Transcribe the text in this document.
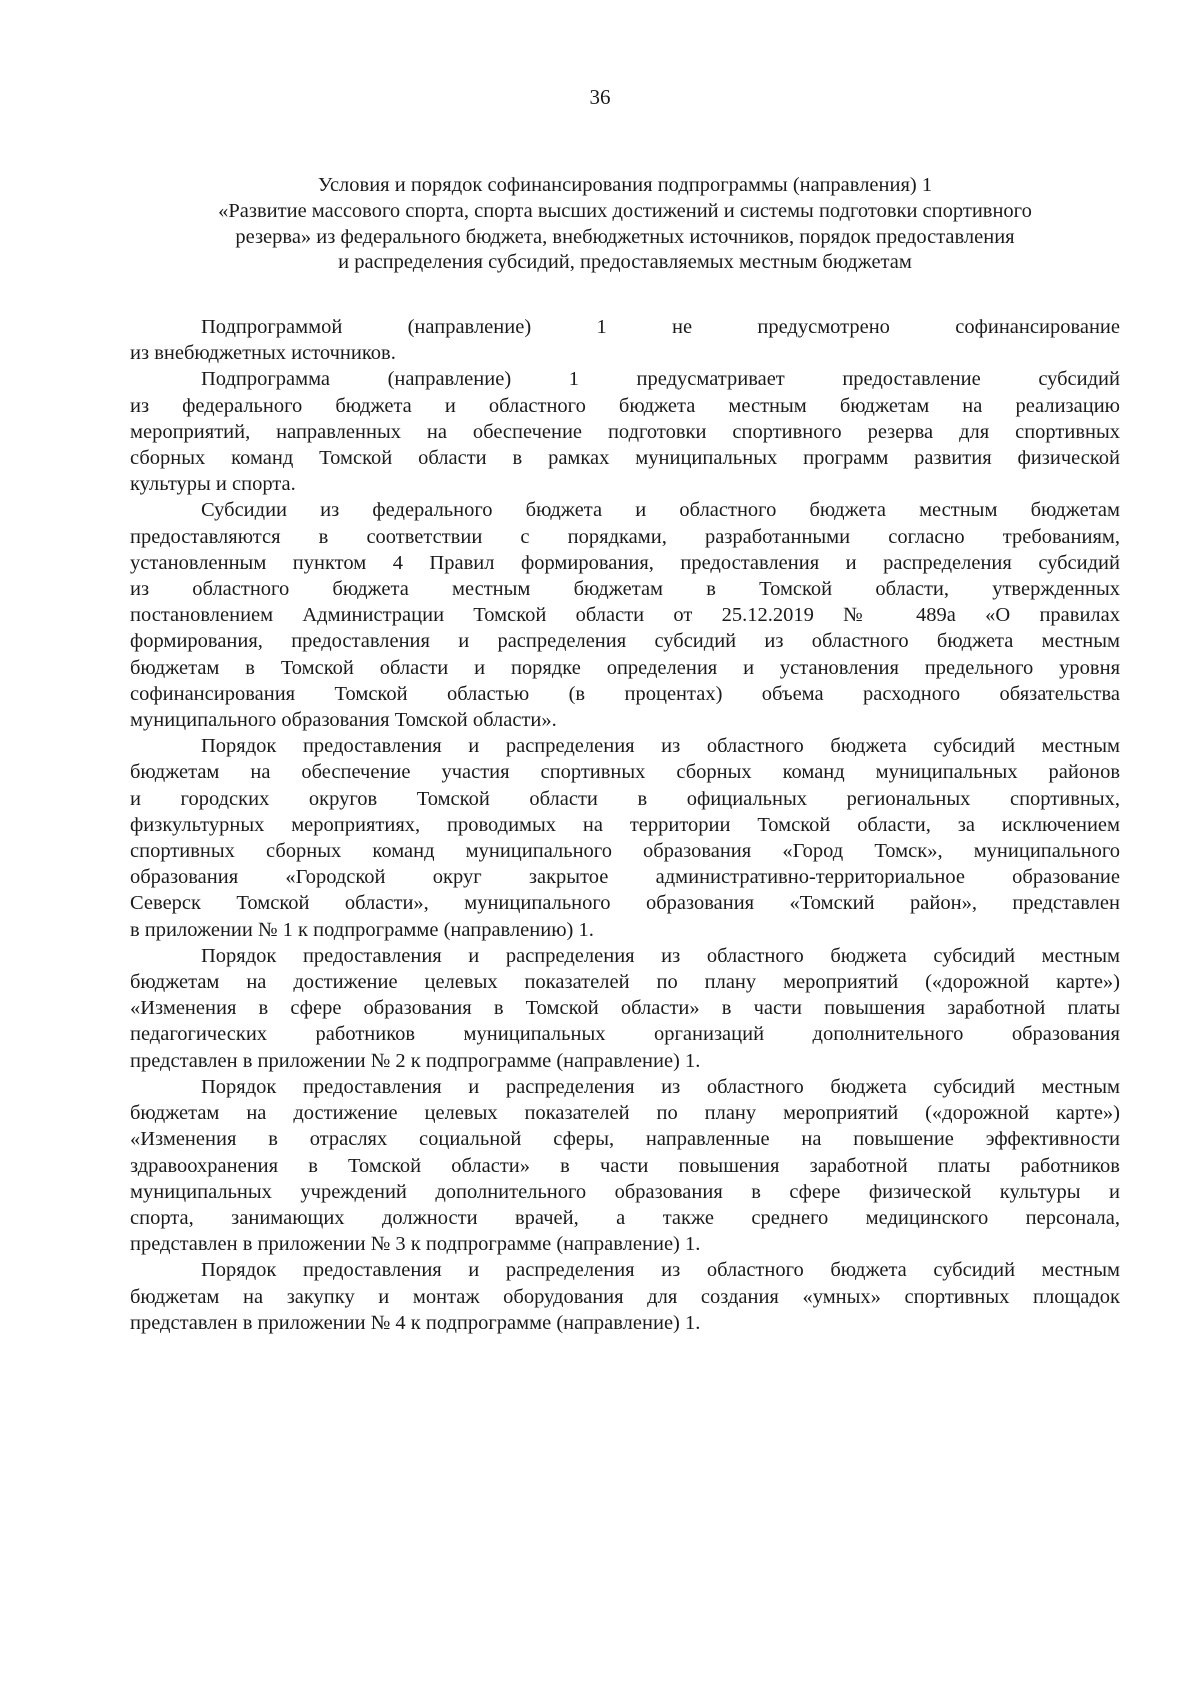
36
Условия и порядок софинансирования подпрограммы (направления) 1
«Развитие массового спорта, спорта высших достижений и системы подготовки спортивного
резерва» из федерального бюджета, внебюджетных источников, порядок предоставления
и распределения субсидий, предоставляемых местным бюджетам
Подпрограммой (направление) 1 не предусмотрено софинансирование
из внебюджетных источников.
Подпрограмма (направление) 1 предусматривает предоставление субсидий
из федерального бюджета и областного бюджета местным бюджетам на реализацию
мероприятий, направленных на обеспечение подготовки спортивного резерва для спортивных
сборных команд Томской области в рамках муниципальных программ развития физической
культуры и спорта.
Субсидии из федерального бюджета и областного бюджета местным бюджетам
предоставляются в соответствии с порядками, разработанными согласно требованиям,
установленным пунктом 4 Правил формирования, предоставления и распределения субсидий
из областного бюджета местным бюджетам в Томской области, утвержденных
постановлением Администрации Томской области от 25.12.2019 № 489а «О правилах
формирования, предоставления и распределения субсидий из областного бюджета местным
бюджетам в Томской области и порядке определения и установления предельного уровня
софинансирования Томской областью (в процентах) объема расходного обязательства
муниципального образования Томской области».
Порядок предоставления и распределения из областного бюджета субсидий местным
бюджетам на обеспечение участия спортивных сборных команд муниципальных районов
и городских округов Томской области в официальных региональных спортивных,
физкультурных мероприятиях, проводимых на территории Томской области, за исключением
спортивных сборных команд муниципального образования «Город Томск», муниципального
образования «Городской округ закрытое административно-территориальное образование
Северск Томской области», муниципального образования «Томский район», представлен
в приложении № 1 к подпрограмме (направлению) 1.
Порядок предоставления и распределения из областного бюджета субсидий местным
бюджетам на достижение целевых показателей по плану мероприятий («дорожной карте»)
«Изменения в сфере образования в Томской области» в части повышения заработной платы
педагогических работников муниципальных организаций дополнительного образования
представлен в приложении № 2 к подпрограмме (направление) 1.
Порядок предоставления и распределения из областного бюджета субсидий местным
бюджетам на достижение целевых показателей по плану мероприятий («дорожной карте»)
«Изменения в отраслях социальной сферы, направленные на повышение эффективности
здравоохранения в Томской области» в части повышения заработной платы работников
муниципальных учреждений дополнительного образования в сфере физической культуры и
спорта, занимающих должности врачей, а также среднего медицинского персонала,
представлен в приложении № 3 к подпрограмме (направление) 1.
Порядок предоставления и распределения из областного бюджета субсидий местным
бюджетам на закупку и монтаж оборудования для создания «умных» спортивных площадок
представлен в приложении № 4 к подпрограмме (направление) 1.
